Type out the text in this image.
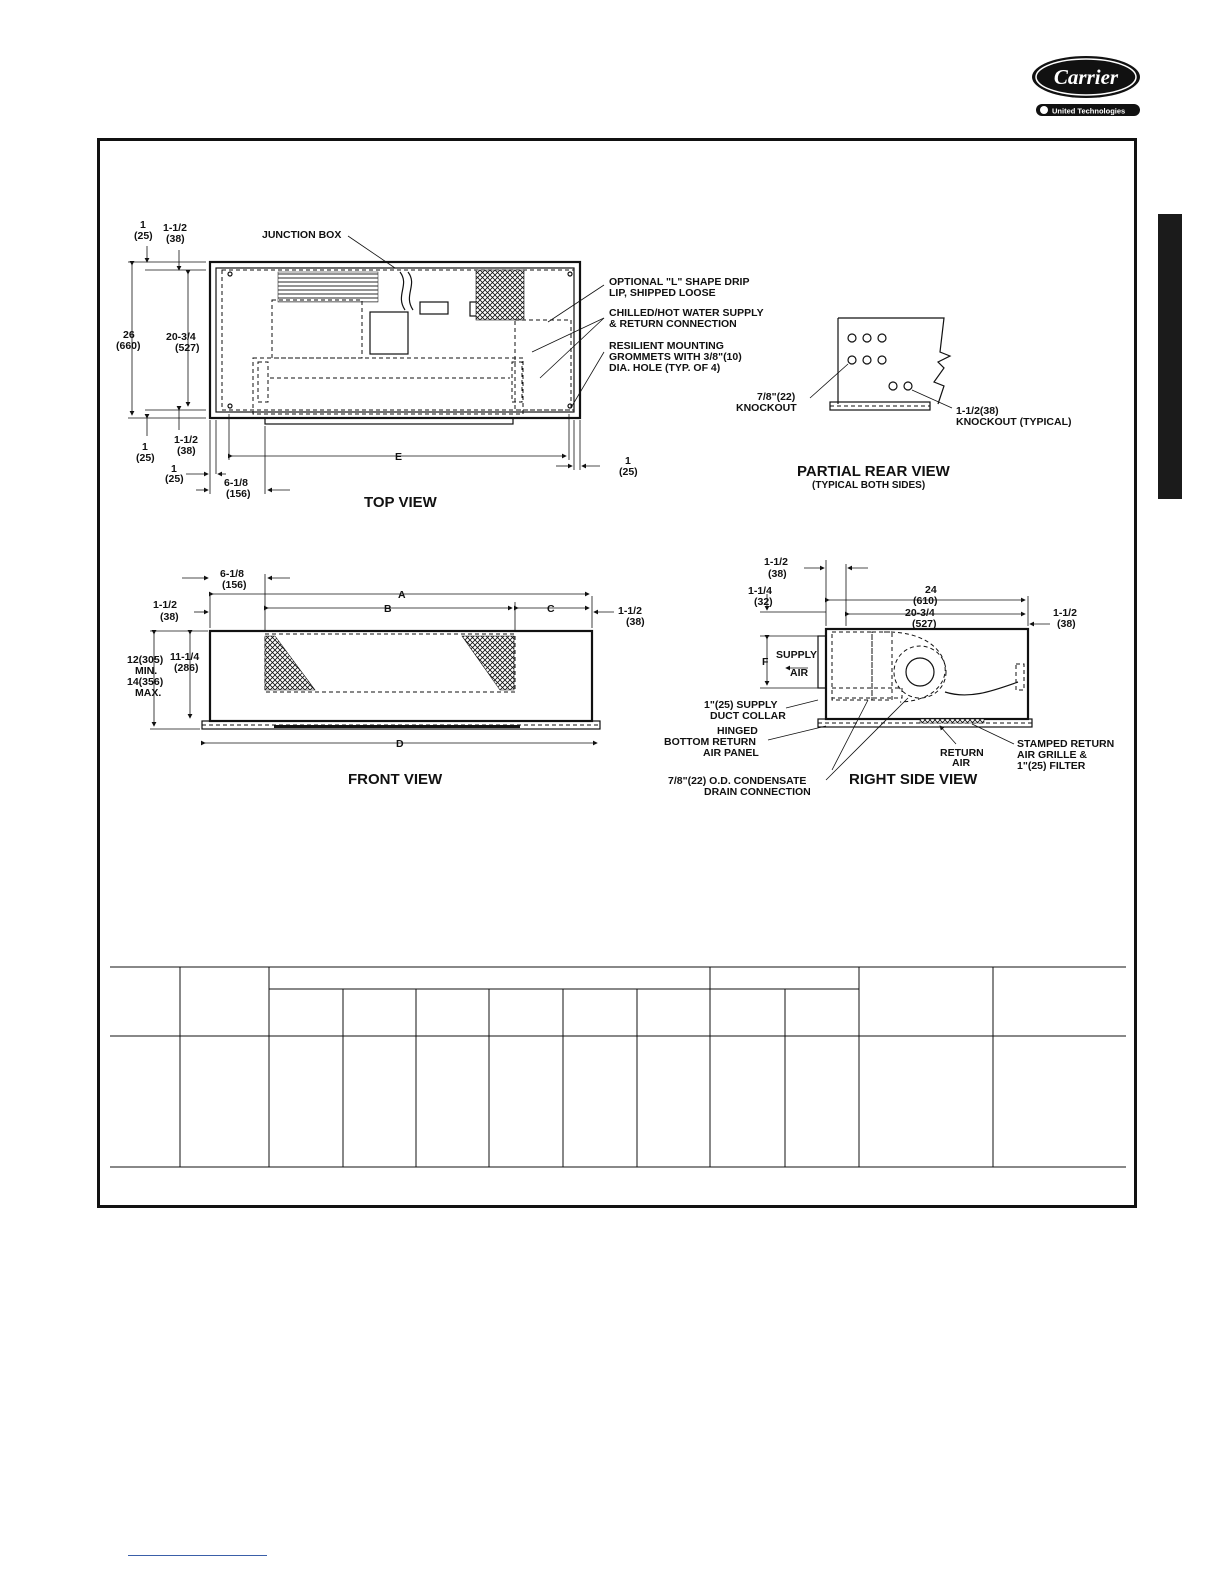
Carrier
United Technologies
1
(25)
1-1/2
(38)
26
(660)
20-3/4
(527)
1-1/2
(38)
1
(25)	E
1
(25)	6-1/8
(156)
1
(25)
JUNCTION BOX
OPTIONAL "L" SHAPE DRIP
LIP, SHIPPED LOOSE
CHILLED/HOT WATER SUPPLY
& RETURN CONNECTION
RESILIENT MOUNTING
GROMMETS WITH 3/8"(10)
DIA. HOLE (TYP. OF 4)
TOP VIEW
7/8"(22)
KNOCKOUT	1-1/2(38)
KNOCKOUT (TYPICAL)
PARTIAL REAR VIEW
(TYPICAL BOTH SIDES)
6-1/8
(156)
A
B	C
D
1-1/2
(38)	1-1/2
(38)
12(305)
MIN.
14(356)
MAX.
11-1/4
(286)
FRONT VIEW
1-1/2
(38)
1-1/4
(32)
24
(610)
20-3/4
(527)
1-1/2
(38)
F
SUPPLY
AIR
1"(25) SUPPLY
DUCT COLLAR
HINGED
BOTTOM RETURN
AIR PANEL	RETURN
AIR
STAMPED RETURN
AIR GRILLE &
1"(25) FILTER
7/8"(22) O.D. CONDENSATE
DRAIN CONNECTION
RIGHT SIDE VIEW
